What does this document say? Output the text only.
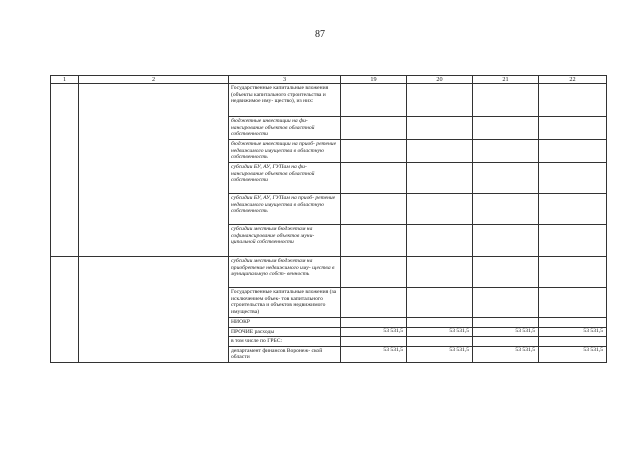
87
1	2	3	19	20	21	22
		Государственные капитальные вложения (объекты капитального строительства и недвижимое иму- щество), из них:				
		бюджетные инвестиции на фи- нансирование объектов областной собственности				
		бюджетные инвестиции на приоб- ретение недвижимого имущества в областную собственность				
		субсидии БУ, АУ, ГУПам на фи- нансирование объектов областной собственности				
		субсидии БУ, АУ, ГУПам на приоб- ретение недвижимого имущества в областную собственность				
		субсидии местным бюджетам на софинансирование объектов муни- ципальной собственности				
		субсидии местным бюджетам на приобретение недвижимого иму- щества в муниципальную собст- венность				
		Государственные капитальные вложения (за исключением объек- тов капитального строительства и объектов недвижимого имущества)				
		НИОКР				
		ПРОЧИЕ расходы	53 531,5	53 531,5	53 531,5	53 531,5
		в том числе по ГРБС:				
		департамент финансов Воронеж- ской области	53 531,5	53 531,5	53 531,5	53 531,5
